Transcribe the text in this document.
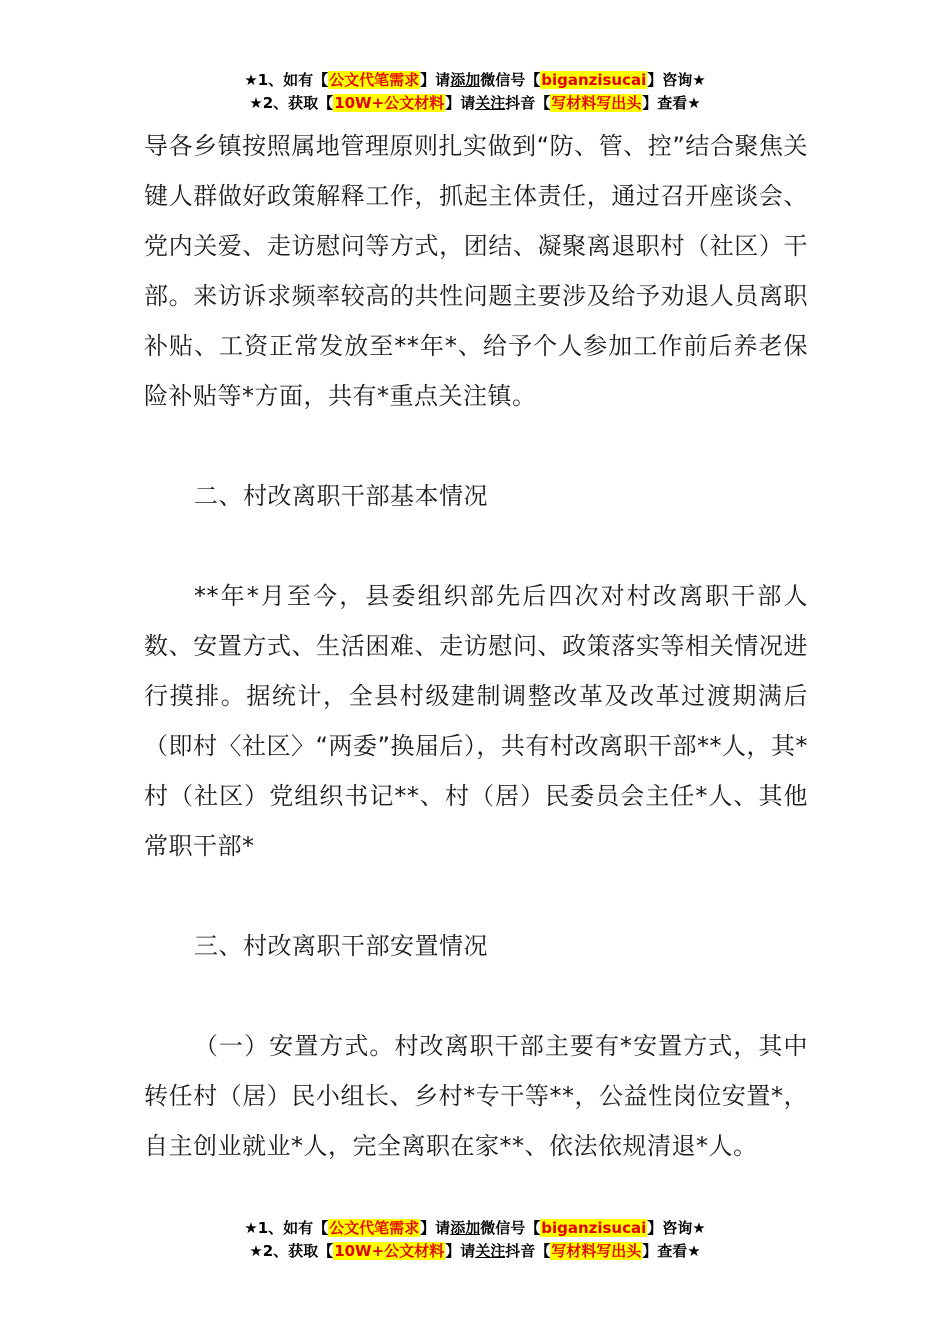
★1、如有【公文代笔需求】请添加微信号【biganzisucai】咨询★
★2、获取【10W+公文材料】请关注抖音【写材料写出头】查看★

导各乡镇按照属地管理原则扎实做到“防、管、控”结合聚焦关键人群做好政策解释工作，抓起主体责任，通过召开座谈会、党内关爱、走访慰问等方式，团结、凝聚离退职村（社区）干部。来访诉求频率较高的共性问题主要涉及给予劝退人员离职补贴、工资正常发放至**年*、给予个人参加工作前后养老保险补贴等*方面，共有*重点关注镇。

二、村改离职干部基本情况

**年*月至今，县委组织部先后四次对村改离职干部人数、安置方式、生活困难、走访慰问、政策落实等相关情况进行摸排。据统计，全县村级建制调整改革及改革过渡期满后（即村〈社区〉“两委”换届后），共有村改离职干部**人，其*村（社区）党组织书记**、村（居）民委员会主任*人、其他常职干部*

三、村改离职干部安置情况

（一）安置方式。村改离职干部主要有*安置方式，其中转任村（居）民小组长、乡村*专干等**，公益性岗位安置*，自主创业就业*人，完全离职在家**、依法依规清退*人。

★1、如有【公文代笔需求】请添加微信号【biganzisucai】咨询★
★2、获取【10W+公文材料】请关注抖音【写材料写出头】查看★
